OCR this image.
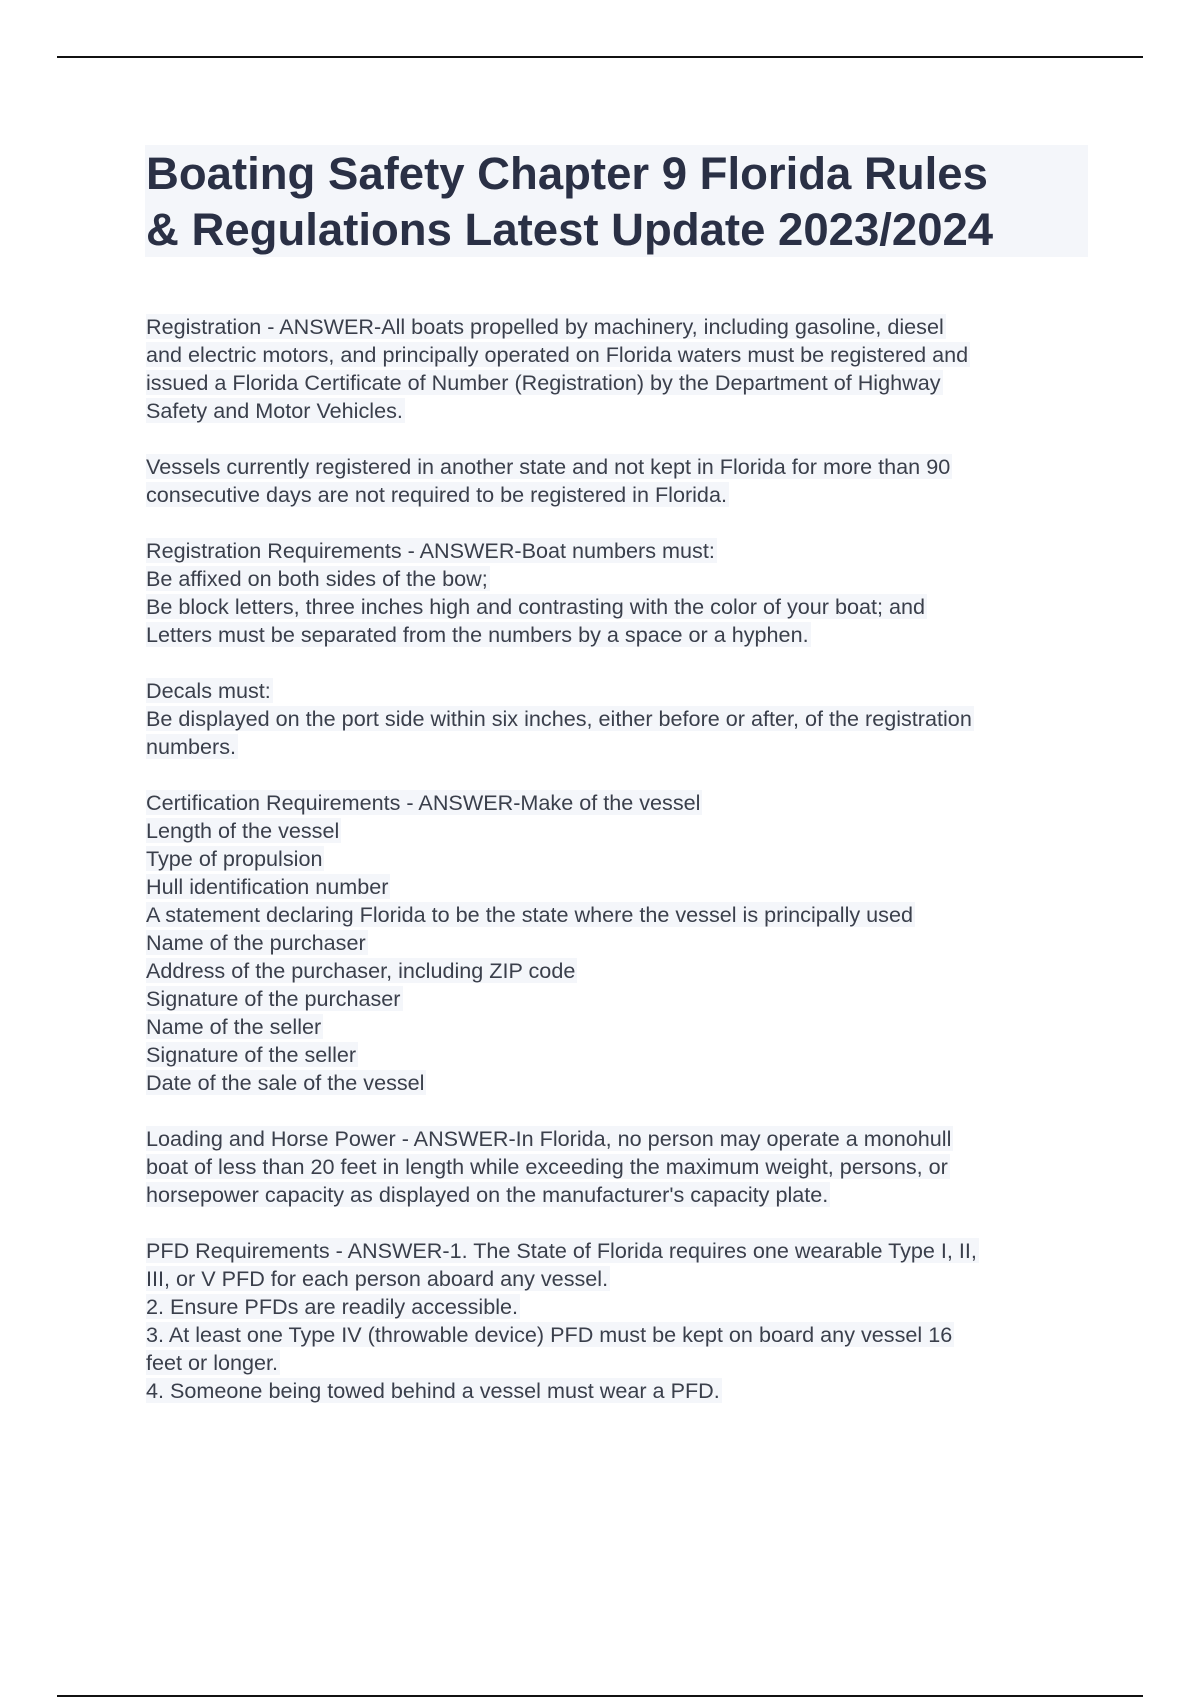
Boating Safety Chapter 9 Florida Rules
& Regulations Latest Update 2023/2024
Registration - ANSWER-All boats propelled by machinery, including gasoline, diesel
and electric motors, and principally operated on Florida waters must be registered and
issued a Florida Certificate of Number (Registration) by the Department of Highway
Safety and Motor Vehicles.
Vessels currently registered in another state and not kept in Florida for more than 90
consecutive days are not required to be registered in Florida.
Registration Requirements - ANSWER-Boat numbers must:
Be affixed on both sides of the bow;
Be block letters, three inches high and contrasting with the color of your boat; and
Letters must be separated from the numbers by a space or a hyphen.
Decals must:
Be displayed on the port side within six inches, either before or after, of the registration
numbers.
Certification Requirements - ANSWER-Make of the vessel
Length of the vessel
Type of propulsion
Hull identification number
A statement declaring Florida to be the state where the vessel is principally used
Name of the purchaser
Address of the purchaser, including ZIP code
Signature of the purchaser
Name of the seller
Signature of the seller
Date of the sale of the vessel
Loading and Horse Power - ANSWER-In Florida, no person may operate a monohull
boat of less than 20 feet in length while exceeding the maximum weight, persons, or
horsepower capacity as displayed on the manufacturer's capacity plate.
PFD Requirements - ANSWER-1. The State of Florida requires one wearable Type I, II,
III, or V PFD for each person aboard any vessel.
2. Ensure PFDs are readily accessible.
3. At least one Type IV (throwable device) PFD must be kept on board any vessel 16
feet or longer.
4. Someone being towed behind a vessel must wear a PFD.
